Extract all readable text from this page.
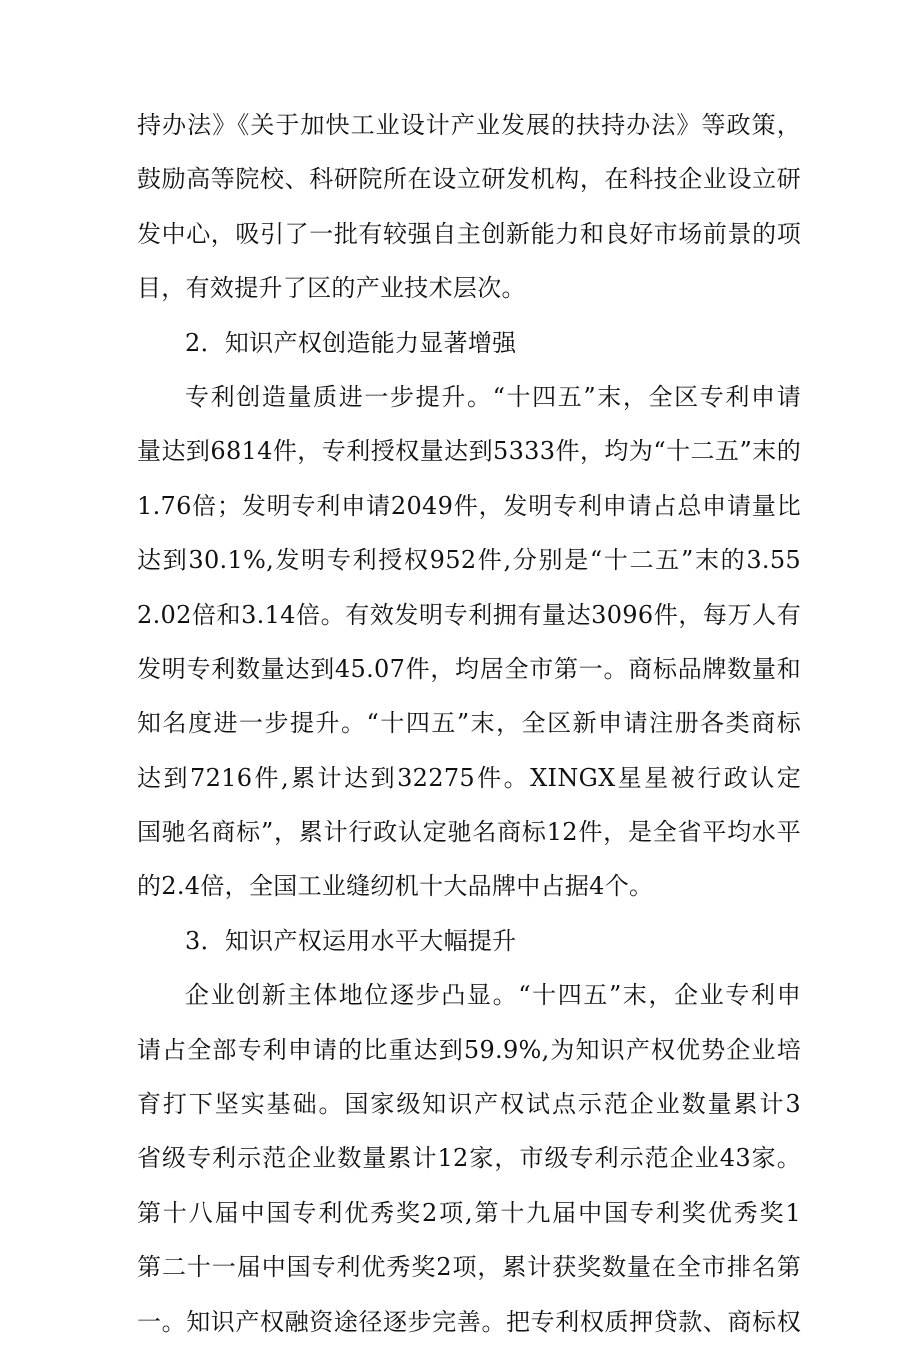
持办法》《关于加快工业设计产业发展的扶持办法》等政策，
鼓励高等院校、科研院所在设立研发机构，在科技企业设立研
发中心，吸引了一批有较强自主创新能力和良好市场前景的项
目，有效提升了区的产业技术层次。
2．知识产权创造能力显著增强
专利创造量质进一步提升。“十四五”末，全区专利申请
量达到6814件，专利授权量达到5333件，均为“十二五”末的
1.76倍；发明专利申请2049件，发明专利申请占总申请量比
达到30.1%,发明专利授权952件,分别是“十二五”末的3.55
2.02倍和3.14倍。有效发明专利拥有量达3096件，每万人有
发明专利数量达到45.07件，均居全市第一。商标品牌数量和
知名度进一步提升。“十四五”末，全区新申请注册各类商标
达到7216件,累计达到32275件。XINGX星星被行政认定
国驰名商标”，累计行政认定驰名商标12件，是全省平均水平
的2.4倍，全国工业缝纫机十大品牌中占据4个。
3．知识产权运用水平大幅提升
企业创新主体地位逐步凸显。“十四五”末，企业专利申
请占全部专利申请的比重达到59.9%,为知识产权优势企业培
育打下坚实基础。国家级知识产权试点示范企业数量累计3
省级专利示范企业数量累计12家，市级专利示范企业43家。
第十八届中国专利优秀奖2项,第十九届中国专利奖优秀奖1
第二十一届中国专利优秀奖2项，累计获奖数量在全市排名第
一。知识产权融资途径逐步完善。把专利权质押贷款、商标权
